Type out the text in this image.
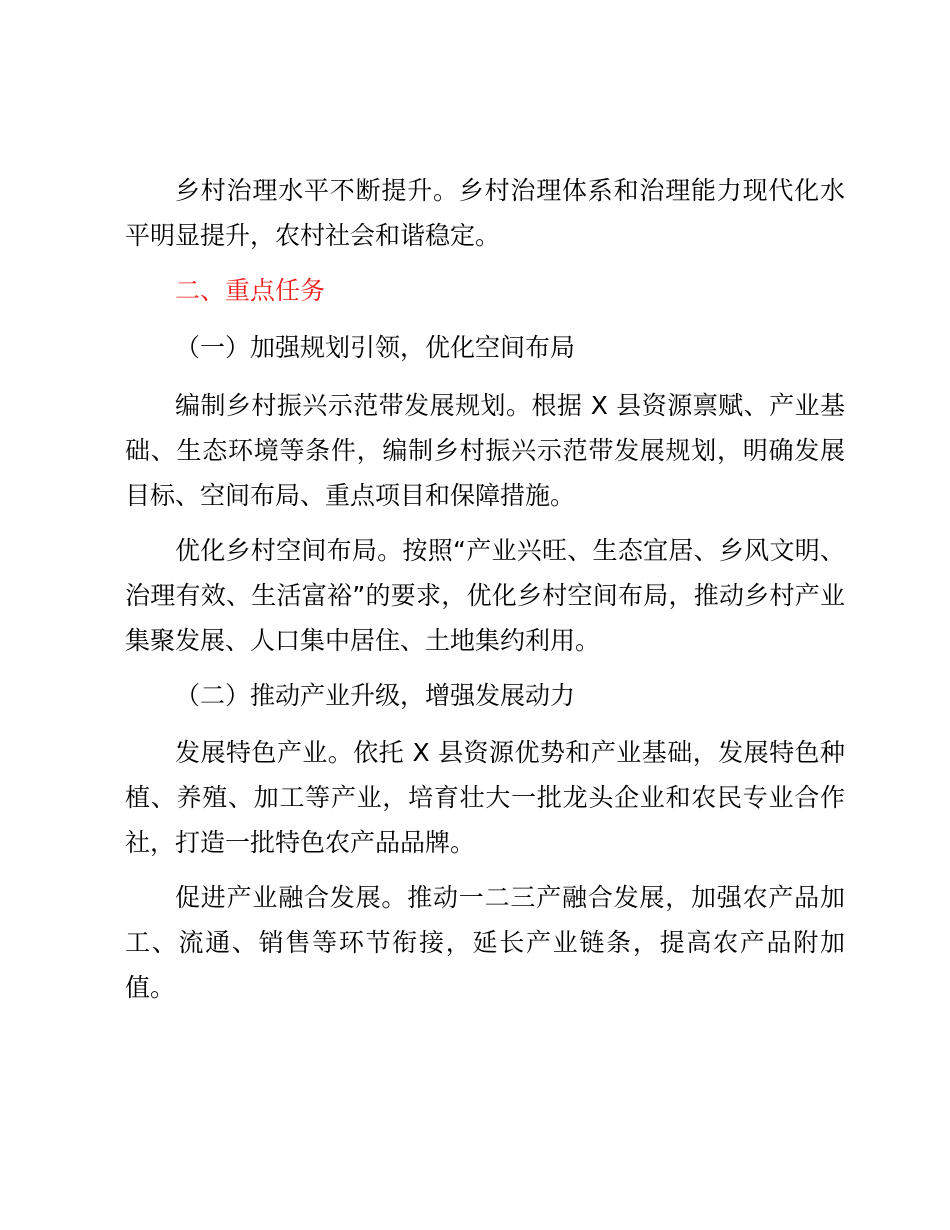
乡村治理水平不断提升。乡村治理体系和治理能力现代化水
平明显提升，农村社会和谐稳定。
二、重点任务
（一）加强规划引领，优化空间布局
编制乡村振兴示范带发展规划。根据 X 县资源禀赋、产业基
础、生态环境等条件，编制乡村振兴示范带发展规划，明确发展
目标、空间布局、重点项目和保障措施。
优化乡村空间布局。按照“产业兴旺、生态宜居、乡风文明、
治理有效、生活富裕”的要求，优化乡村空间布局，推动乡村产业
集聚发展、人口集中居住、土地集约利用。
（二）推动产业升级，增强发展动力
发展特色产业。依托 X 县资源优势和产业基础，发展特色种
植、养殖、加工等产业，培育壮大一批龙头企业和农民专业合作
社，打造一批特色农产品品牌。
促进产业融合发展。推动一二三产融合发展，加强农产品加
工、流通、销售等环节衔接，延长产业链条，提高农产品附加
值。
